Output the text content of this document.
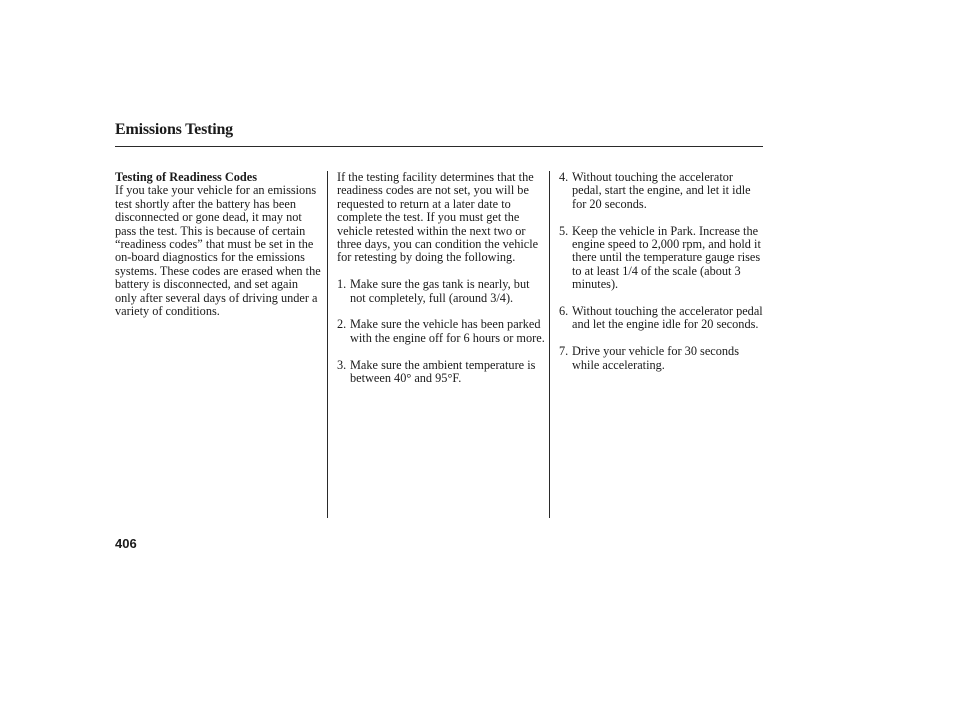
Emissions Testing
Testing of Readiness Codes

If you take your vehicle for an emissions test shortly after the battery has been disconnected or gone dead, it may not pass the test. This is because of certain “readiness codes” that must be set in the on-board diagnostics for the emissions systems. These codes are erased when the battery is disconnected, and set again only after several days of driving under a variety of conditions.

If the testing facility determines that the readiness codes are not set, you will be requested to return at a later date to complete the test. If you must get the vehicle retested within the next two or three days, you can condition the vehicle for retesting by doing the following.

1. Make sure the gas tank is nearly, but not completely, full (around 3/4).
2. Make sure the vehicle has been parked with the engine off for 6 hours or more.
3. Make sure the ambient temperature is between 40° and 95°F.
4. Without touching the accelerator pedal, start the engine, and let it idle for 20 seconds.
5. Keep the vehicle in Park. Increase the engine speed to 2,000 rpm, and hold it there until the temperature gauge rises to at least 1/4 of the scale (about 3 minutes).
6. Without touching the accelerator pedal and let the engine idle for 20 seconds.
7. Drive your vehicle for 30 seconds while accelerating.
406
